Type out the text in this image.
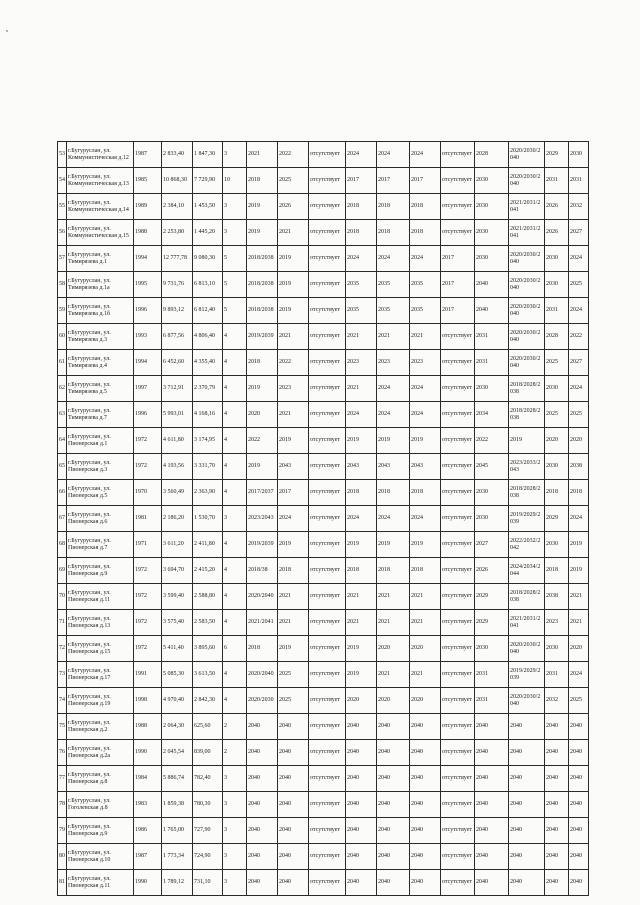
53	г.Бугуруслан, ул. Коммунистическая д.12	1987	2 833,40	1 847,30	3	2021	2022	отсутствует	2024	2024	2024	отсутствует	2028	2020/2030/2040	2029	2030
54	г.Бугуруслан, ул. Коммунистическая д.13	1985	10 868,30	7 729,90	10	2018	2025	отсутствует	2017	2017	2017	отсутствует	2030	2020/2030/2040	2031	2031
55	г.Бугуруслан, ул. Коммунистическая д.14	1989	2 384,10	1 453,50	3	2019	2026	отсутствует	2018	2018	2018	отсутствует	2030	2021/2031/2041	2026	2032
56	г.Бугуруслан, ул. Коммунистическая д.15	1988	2 253,80	1 445,20	3	2019	2021	отсутствует	2018	2018	2018	отсутствует	2030	2021/2031/2041	2026	2027
57	г.Бугуруслан, ул. Тимирязева д.1	1994	12 777,78	9 080,30	5	2018/2038	2019	отсутствует	2024	2024	2024	2017	2030	2020/2030/2040	2030	2024
58	г.Бугуруслан, ул. Тимирязева д.1а	1995	9 731,76	6 813,10	5	2018/2038	2019	отсутствует	2035	2035	2035	2017	2040	2020/2030/2040	2030	2025
59	г.Бугуруслан, ул. Тимирязева д.1б	1996	9 893,12	6 812,40	5	2018/2038	2019	отсутствует	2035	2035	2035	2017	2040	2020/2030/2040	2031	2024
60	г.Бугуруслан, ул. Тимирязева д.3	1993	6 877,56	4 806,40	4	2019/2039	2021	отсутствует	2021	2021	2021	отсутствует	2031	2020/2030/2040	2028	2022
61	г.Бугуруслан, ул. Тимирязева д.4	1994	6 452,60	4 355,40	4	2018	2022	отсутствует	2023	2023	2023	отсутствует	2031	2020/2030/2040	2025	2027
62	г.Бугуруслан, ул. Тимирязева д.5	1997	3 712,91	2 370,79	4	2019	2023	отсутствует	2021	2024	2024	отсутствует	2030	2018/2028/2038	2030	2024
63	г.Бугуруслан, ул. Тимирязева д.7	1996	5 993,01	4 168,16	4	2020	2021	отсутствует	2024	2024	2024	отсутствует	2034	2018/2028/2038	2025	2025
64	г.Бугуруслан, ул. Пионерская д.1	1972	4 611,80	3 174,95	4	2022	2019	отсутствует	2019	2019	2019	отсутствует	2022	2019	2020	2020
65	г.Бугуруслан, ул. Пионерская д.3	1972	4 193,56	3 331,70	4	2019	2043	отсутствует	2043	2043	2043	отсутствует	2045	2023/2033/2043	2030	2038
66	г.Бугуруслан, ул. Пионерская д.5	1970	3 560,49	2 363,90	4	2017/2037	2017	отсутствует	2018	2018	2018	отсутствует	2030	2018/2028/2038	2018	2018
67	г.Бугуруслан, ул. Пионерская д.6	1981	2 186,20	1 530,70	3	2023/2043	2024	отсутствует	2024	2024	2024	отсутствует	2030	2019/2029/2039	2029	2024
68	г.Бугуруслан, ул. Пионерская д.7	1971	3 611,20	2 411,80	4	2019/2039	2019	отсутствует	2019	2019	2019	отсутствует	2027	2022/2032/2042	2030	2019
69	г.Бугуруслан, ул. Пионерская д.9	1972	3 694,70	2 415,20	4	2018/38	2018	отсутствует	2018	2018	2018	отсутствует	2026	2024/2034/2044	2018	2019
70	г.Бугуруслан, ул. Пионерская д.11	1972	3 599,40	2 588,80	4	2020/2040	2021	отсутствует	2021	2021	2021	отсутствует	2029	2018/2028/2038	2038	2021
71	г.Бугуруслан, ул. Пионерская д.13	1972	3 575,40	2 583,50	4	2021/2041	2021	отсутствует	2021	2021	2021	отсутствует	2029	2021/2031/2041	2023	2021
72	г.Бугуруслан, ул. Пионерская д.15	1972	5 411,40	3 895,60	6	2018	2019	отсутствует	2019	2020	2020	отсутствует	2030	2020/2030/2040	2030	2020
73	г.Бугуруслан, ул. Пионерская д.17	1991	5 085,30	3 613,50	4	2020/2040	2025	отсутствует	2019	2021	2021	отсутствует	2031	2019/2029/2039	2031	2024
74	г.Бугуруслан, ул. Пионерская д.19	1998	4 970,40	2 842,30	4	2020/2030	2025	отсутствует	2020	2020	2020	отсутствует	2031	2020/2030/2040	2032	2025
75	г.Бугуруслан, ул. Пионерская д.2	1988	2 064,30	625,60	2	2040	2040	отсутствует	2040	2040	2040	отсутствует	2040	2040	2040	2040
76	г.Бугуруслан, ул. Пионерская д.2а	1990	2 045,54	839,00	2	2040	2040	отсутствует	2040	2040	2040	отсутствует	2040	2040	2040	2040
77	г.Бугуруслан, ул. Пионерская д.8	1984	5 886,74	782,40	3	2040	2040	отсутствует	2040	2040	2040	отсутствует	2040	2040	2040	2040
78	г.Бугуруслан, ул. Гоголевская д.8	1983	1 859,38	780,30	3	2040	2040	отсутствует	2040	2040	2040	отсутствует	2040	2040	2040	2040
79	г.Бугуруслан, ул. Пионерская д.9	1986	1 765,00	727,90	3	2040	2040	отсутствует	2040	2040	2040	отсутствует	2040	2040	2040	2040
80	г.Бугуруслан, ул. Пионерская д.10	1987	1 773,34	724,90	3	2040	2040	отсутствует	2040	2040	2040	отсутствует	2040	2040	2040	2040
81	г.Бугуруслан, ул. Пионерская д.11	1990	1 789,12	731,10	3	2040	2040	отсутствует	2040	2040	2040	отсутствует	2040	2040	2040	2040
